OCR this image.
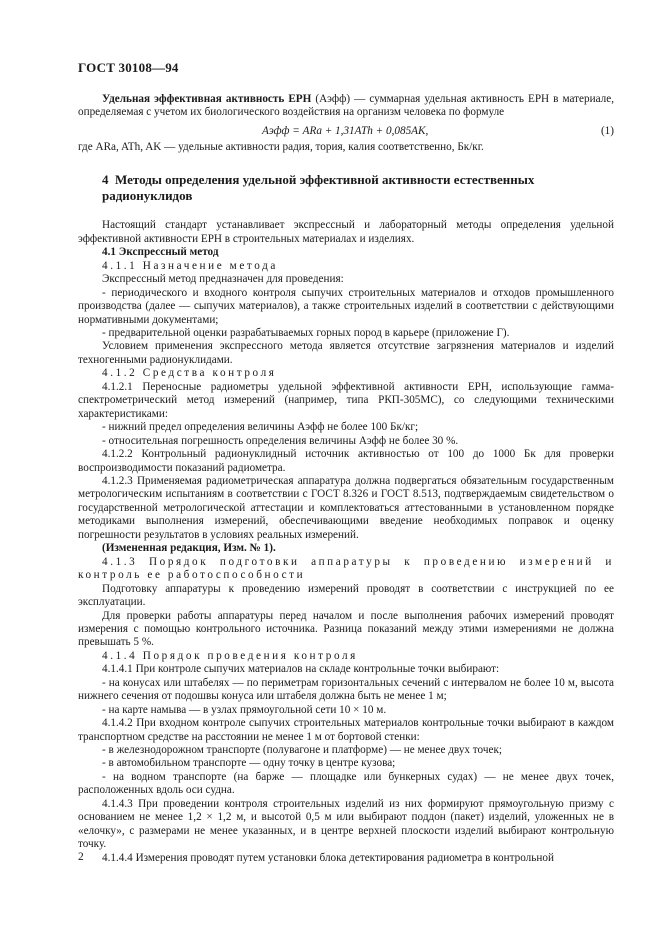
ГОСТ 30108—94

Удельная эффективная активность ЕРН (Aэфф) — суммарная удельная активность ЕРН в материале, определяемая с учетом их биологического воздействия на организм человека по формуле

Aэфф = ARa + 1,31ATh + 0,085AK,	(1)

где ARa, ATh, AK — удельные активности радия, тория, калия соответственно, Бк/кг.

4 Методы определения удельной эффективной активности естественных
радионуклидов

Настоящий стандарт устанавливает экспрессный и лабораторный методы определения удельной эффективной активности ЕРН в строительных материалах и изделиях.

4.1 Экспрессный метод

4.1.1 Назначение метода

Экспрессный метод предназначен для проведения:

- периодического и входного контроля сыпучих строительных материалов и отходов промышленного производства (далее — сыпучих материалов), а также строительных изделий в соответствии с действующими нормативными документами;

- предварительной оценки разрабатываемых горных пород в карьере (приложение Г).

Условием применения экспрессного метода является отсутствие загрязнения материалов и изделий техногенными радионуклидами.

4.1.2 Средства контроля

4.1.2.1 Переносные радиометры удельной эффективной активности ЕРН, использующие гамма-спектрометрический метод измерений (например, типа РКП-305МС), со следующими техническими характеристиками:

- нижний предел определения величины Aэфф не более 100 Бк/кг;

- относительная погрешность определения величины Aэфф не более 30 %.

4.1.2.2 Контрольный радионуклидный источник активностью от 100 до 1000 Бк для проверки воспроизводимости показаний радиометра.

4.1.2.3 Применяемая радиометрическая аппаратура должна подвергаться обязательным государственным метрологическим испытаниям в соответствии с ГОСТ 8.326 и ГОСТ 8.513, подтверждаемым свидетельством о государственной метрологической аттестации и комплектоваться аттестованными в установленном порядке методиками выполнения измерений, обеспечивающими введение необходимых поправок и оценку погрешности результатов в условиях реальных измерений.

(Измененная редакция, Изм. № 1).

4.1.3 Порядок подготовки аппаратуры к проведению измерений и контроль ее работоспособности

Подготовку аппаратуры к проведению измерений проводят в соответствии с инструкцией по ее эксплуатации.

Для проверки работы аппаратуры перед началом и после выполнения рабочих измерений проводят измерения с помощью контрольного источника. Разница показаний между этими измерениями не должна превышать 5 %.

4.1.4 Порядок проведения контроля

4.1.4.1 При контроле сыпучих материалов на складе контрольные точки выбирают:

- на конусах или штабелях — по периметрам горизонтальных сечений с интервалом не более 10 м, высота нижнего сечения от подошвы конуса или штабеля должна быть не менее 1 м;

- на карте намыва — в узлах прямоугольной сети 10 × 10 м.

4.1.4.2 При входном контроле сыпучих строительных материалов контрольные точки выбирают в каждом транспортном средстве на расстоянии не менее 1 м от бортовой стенки:

- в железнодорожном транспорте (полувагоне и платформе) — не менее двух точек;

- в автомобильном транспорте — одну точку в центре кузова;

- на водном транспорте (на барже — площадке или бункерных судах) — не менее двух точек, расположенных вдоль оси судна.

4.1.4.3 При проведении контроля строительных изделий из них формируют прямоугольную призму с основанием не менее 1,2 × 1,2 м, и высотой 0,5 м или выбирают поддон (пакет) изделий, уложенных не в «елочку», с размерами не менее указанных, и в центре верхней плоскости изделий выбирают контрольную точку.

4.1.4.4 Измерения проводят путем установки блока детектирования радиометра в контрольной

2
